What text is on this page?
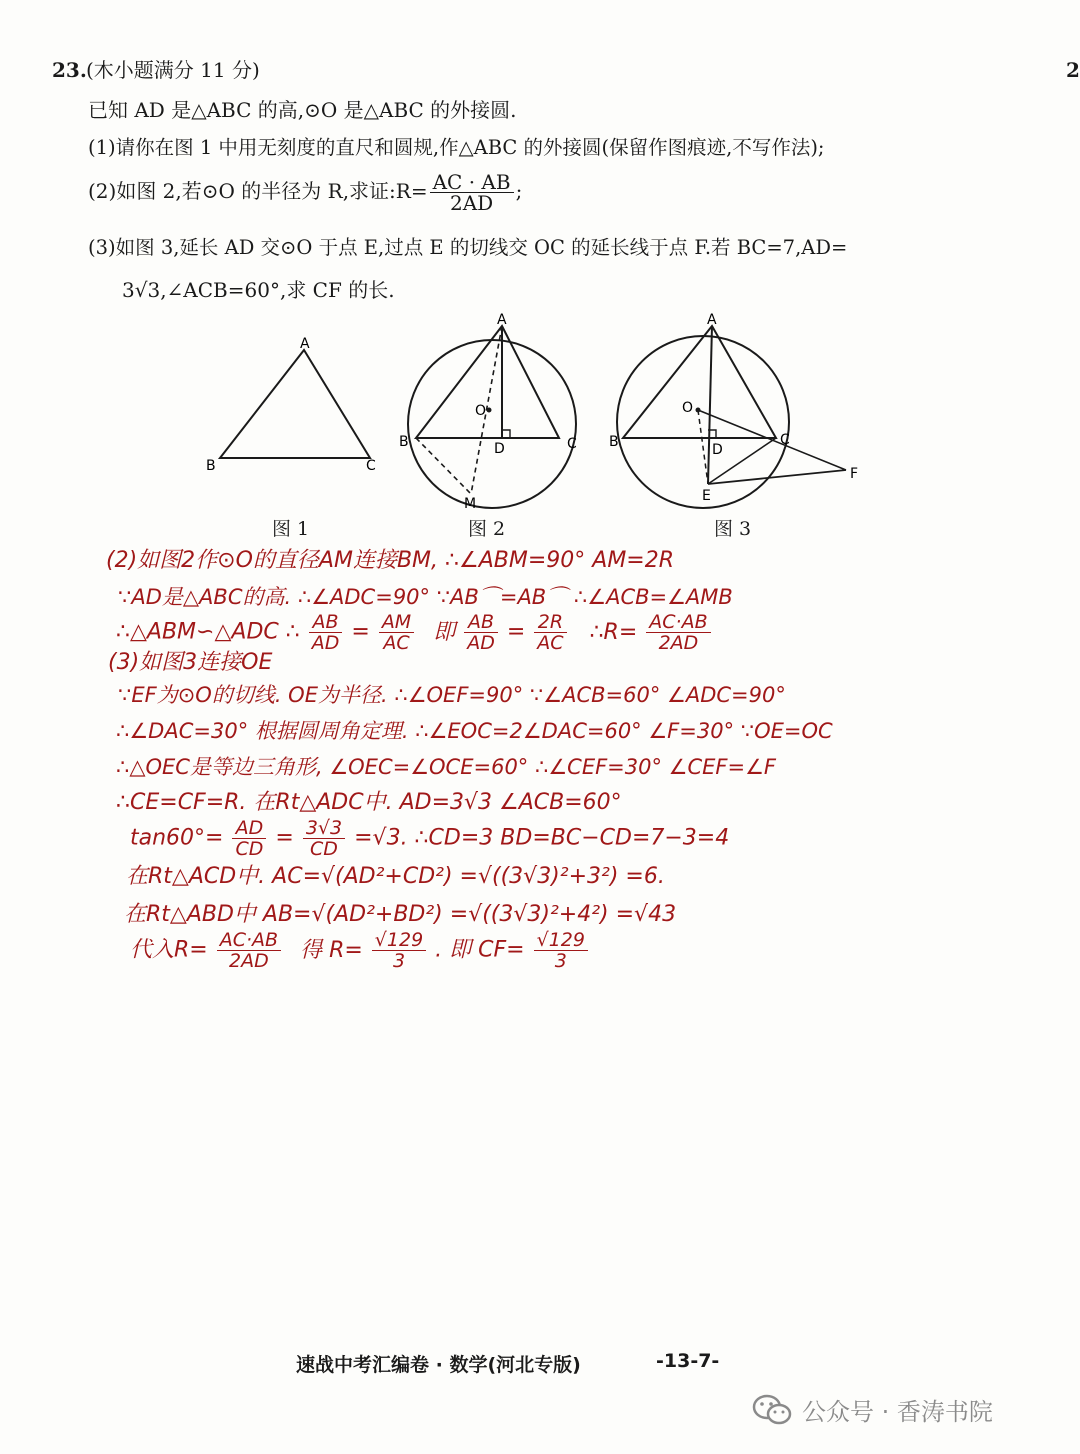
23. (木小题满分 11 分)	2
已知 AD 是△ABC 的高,⊙O 是△ABC 的外接圆.
(1)请你在图 1 中用无刻度的直尺和圆规,作△ABC 的外接圆(保留作图痕迹,不写作法);
(2)如图 2,若⊙O 的半径为 R,求证:R= $\frac{AC \cdot AB}{2AD}$ ;
(3)如图 3,延长 AD 交⊙O 于点 E,过点 E 的切线交 OC 的延长线于点 F.若 BC=7,AD=
3√3,∠ACB=60°,求 CF 的长.
A
B	C
A
B	C
D
O
M
A
B	C
D
O
E
F
图 1	图 2	图 3
(2)如图2作⊙O的直径AM连接BM, ∴∠ABM=90° AM=2R
∵AD是△ABC的高. ∴∠ADC=90° ∵AB⌒=AB⌒ ∴∠ACB=∠AMB
∴△ABM∽△ADC ∴ $\frac{AB}{AD} = \frac{AM}{AC}$ 即 $\frac{AB}{AD} = \frac{2R}{AC}$ ∴R= $\frac{AC\cdot AB}{2AD}$
(3)如图3连接OE
∵EF为⊙O的切线. OE为半径. ∴∠OEF=90° ∵∠ACB=60° ∠ADC=90°
∴∠DAC=30° 根据圆周角定理. ∴∠EOC=2∠DAC=60° ∠F=30° ∵OE=OC
∴△OEC是等边三角形, ∠OEC=∠OCE=60° ∴∠CEF=30° ∠CEF=∠F
∴CE=CF=R. 在Rt△ADC中. AD=3√3 ∠ACB=60°
$\tan 60^\circ= \frac{AD}{CD} = \frac{3√3}{CD} =√3$. ∴CD=3 BD=BC−CD=7−3=4
在Rt△ACD中. AC=√(AD²+CD²) =√((3√3)²+3²) =6.
在Rt△ABD中 AB=√(AD²+BD²) =√((3√3)²+4²) =√43
代入$R= \frac{AC\cdot AB}{2AD}$ 得 $R= \frac{√129}{3}$ . 即 $CF= \frac{√129}{3}$
速战中考汇编卷 · 数学(河北专版)	-13-7-
公众号 · 香涛书院
